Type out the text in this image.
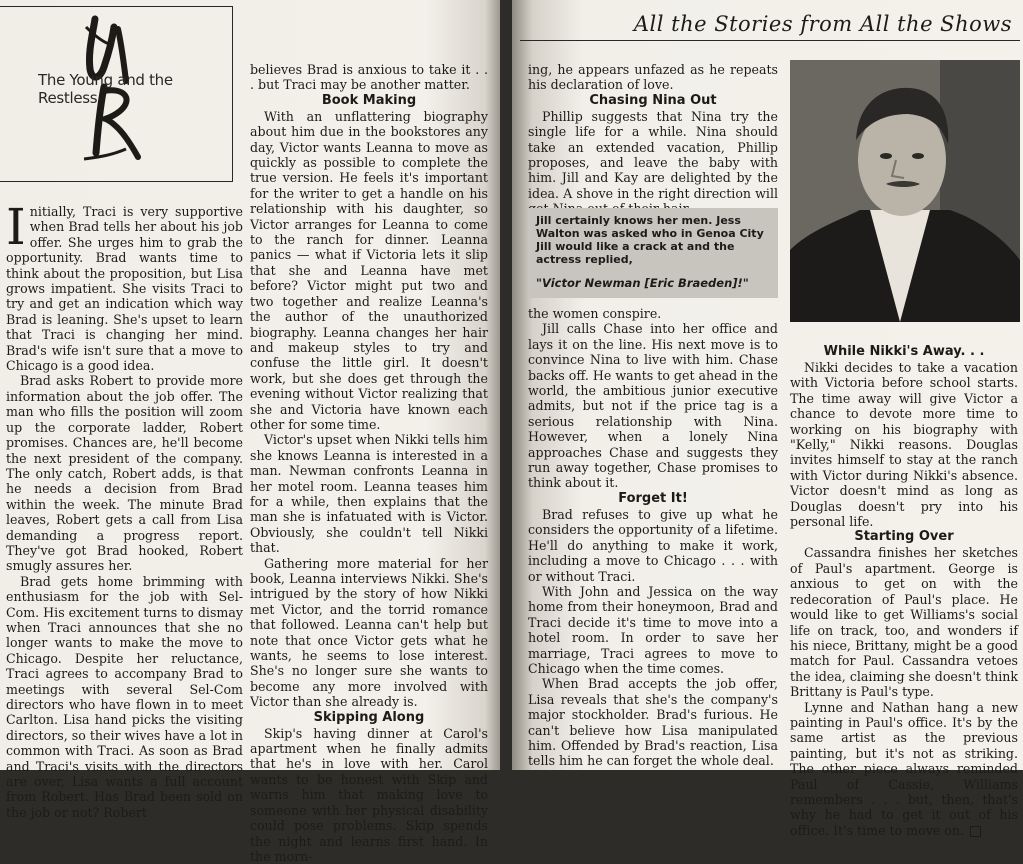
The Young and the Restless

Initially, Traci is very supportive when Brad tells her about his job offer. She urges him to grab the opportunity. Brad wants time to think about the proposition, but Lisa grows impatient. She visits Traci to try and get an indication which way Brad is leaning. She's upset to learn that Traci is changing her mind. Brad's wife isn't sure that a move to Chicago is a good idea.

Brad asks Robert to provide more information about the job offer. The man who fills the position will zoom up the corporate ladder, Robert promises. Chances are, he'll become the next president of the company. The only catch, Robert adds, is that he needs a decision from Brad within the week. The minute Brad leaves, Robert gets a call from Lisa demanding a progress report. They've got Brad hooked, Robert smugly assures her.

Brad gets home brimming with enthusiasm for the job with Sel-Com. His excitement turns to dismay when Traci announces that she no longer wants to make the move to Chicago. Despite her reluctance, Traci agrees to accompany Brad to meetings with several Sel-Com directors who have flown in to meet Carlton. Lisa hand picks the visiting directors, so their wives have a lot in common with Traci. As soon as Brad and Traci's visits with the directors are over, Lisa wants a full account from Robert. Has Brad been sold on the job or not? Robert

believes Brad is anxious to take it . . . but Traci may be another matter.

Book Making

With an unflattering biography about him due in the bookstores any day, Victor wants Leanna to move as quickly as possible to complete the true version. He feels it's important for the writer to get a handle on his relationship with his daughter, so Victor arranges for Leanna to come to the ranch for dinner. Leanna panics — what if Victoria lets it slip that she and Leanna have met before? Victor might put two and two together and realize Leanna's the author of the unauthorized biography. Leanna changes her hair and makeup styles to try and confuse the little girl. It doesn't work, but she does get through the evening without Victor realizing that she and Victoria have known each other for some time.

Victor's upset when Nikki tells him she knows Leanna is interested in a man. Newman confronts Leanna in her motel room. Leanna teases him for a while, then explains that the man she is infatuated with is Victor. Obviously, she couldn't tell Nikki that.

Gathering more material for her book, Leanna interviews Nikki. She's intrigued by the story of how Nikki met Victor, and the torrid romance that followed. Leanna can't help but note that once Victor gets what he wants, he seems to lose interest. She's no longer sure she wants to become any more involved with Victor than she already is.

Skipping Along

Skip's having dinner at Carol's apartment when he finally admits that he's in love with her. Carol wants to be honest with Skip and warns him that making love to someone with her physical disability could pose problems. Skip spends the night and learns first hand. In the morn-

All the Stories from All the Shows

ing, he appears unfazed as he repeats his declaration of love.

Chasing Nina Out

Phillip suggests that Nina try the single life for a while. Nina should take an extended vacation, Phillip proposes, and leave the baby with him. Jill and Kay are delighted by the idea. A shove in the right direction will

Jill certainly knows her men. Jess Walton was asked who in Genoa City Jill would like a crack at and the actress replied,
"Victor Newman [Eric Braeden]!"

the women conspire.

Jill calls Chase into her office and lays it on the line. His next move is to convince Nina to live with him. Chase backs off. He wants to get ahead in the world, the ambitious junior executive admits, but not if the price tag is a serious relationship with Nina. However, when a lonely Nina approaches Chase and suggests they run away together, Chase promises to think about it.

Forget It!

Brad refuses to give up what he considers the opportunity of a lifetime. He'll do anything to make it work, including a move to Chicago . . . with or without Traci.

With John and Jessica on the way home from their honeymoon, Brad and Traci decide it's time to move into a hotel room. In order to save her marriage, Traci agrees to move to Chicago when the time comes.

When Brad accepts the job offer, Lisa reveals that she's the company's major stockholder. Brad's furious. He can't believe how Lisa manipulated him. Offended by Brad's reaction, Lisa tells him he can forget the whole deal.

While Nikki's Away. . .

Nikki decides to take a vacation with Victoria before school starts. The time away will give Victor a chance to devote more time to working on his biography with "Kelly," Nikki reasons. Douglas invites himself to stay at the ranch with Victor during Nikki's absence. Victor doesn't mind as long as Douglas doesn't pry into his personal life.

Starting Over

Cassandra finishes her sketches of Paul's apartment. George is anxious to get on with the redecoration of Paul's place. He would like to get Williams's social life on track, too, and wonders if his niece, Brittany, might be a good match for Paul. Cassandra vetoes the idea, claiming she doesn't think Brittany is Paul's type.

Lynne and Nathan hang a new painting in Paul's office. It's by the same artist as the previous painting, but it's not as striking. The other piece always reminded Paul of Cassie, Williams remembers . . . but, then, that's why he had to get it out of his office. It's time to move on.
